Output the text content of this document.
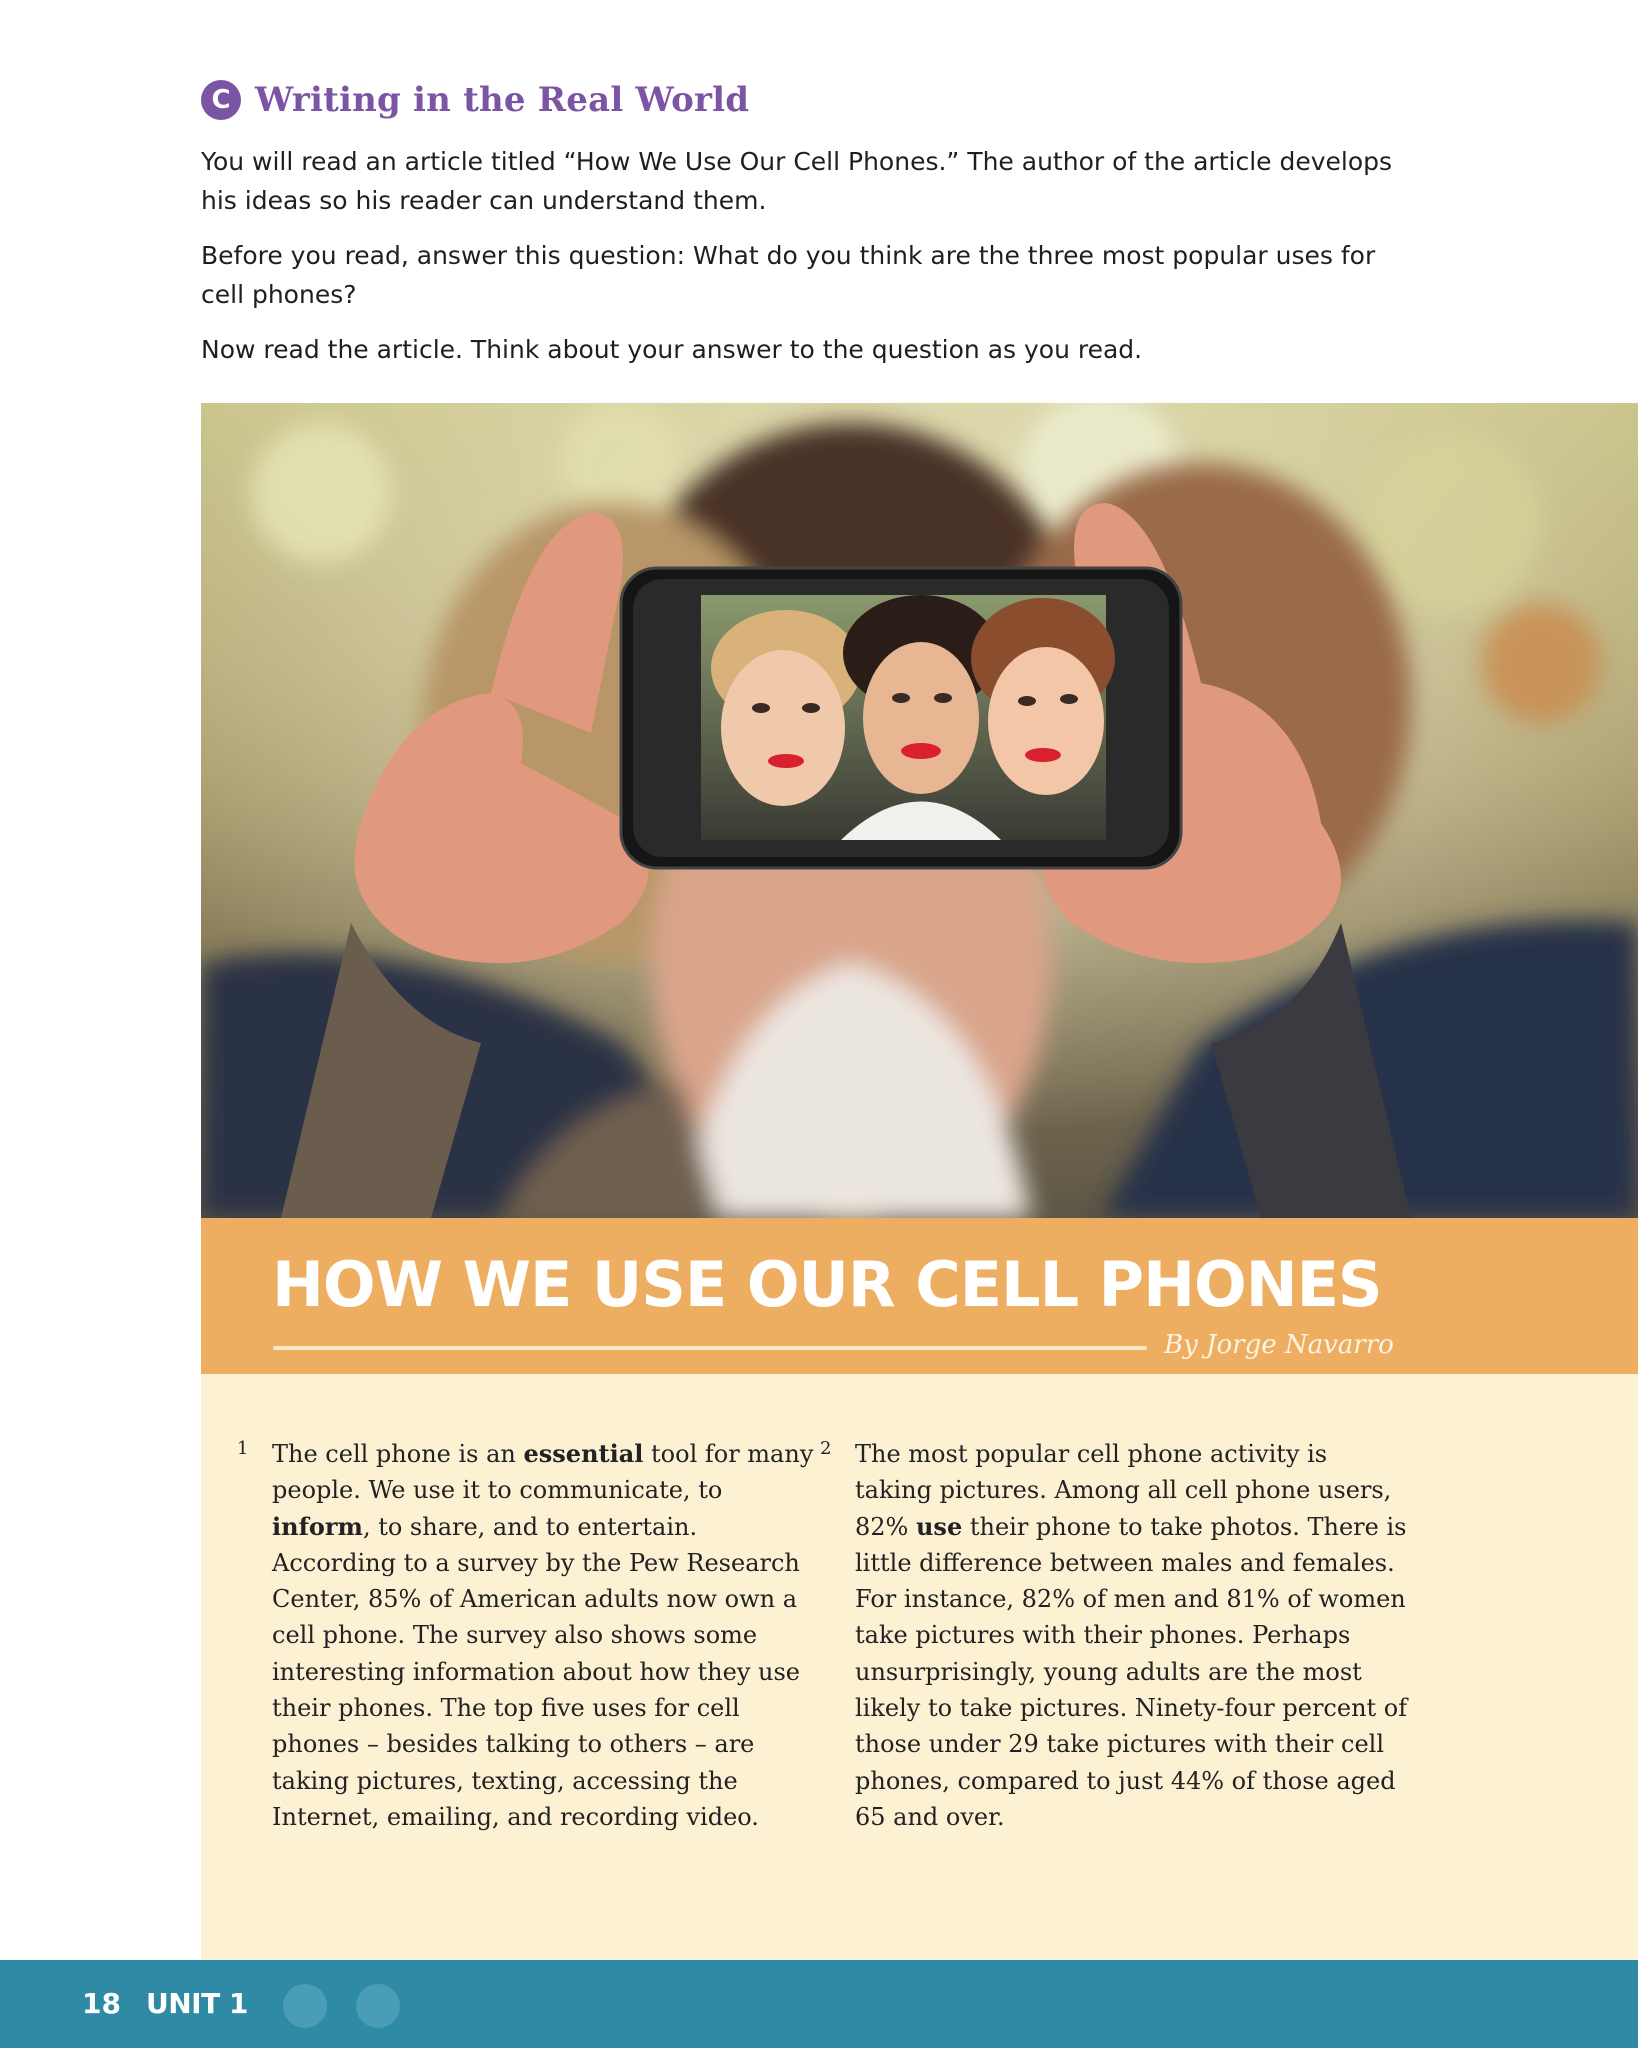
C Writing in the Real World

You will read an article titled “How We Use Our Cell Phones.” The author of the article develops his ideas so his reader can understand them.

Before you read, answer this question: What do you think are the three most popular uses for cell phones?

Now read the article. Think about your answer to the question as you read.

HOW WE USE OUR CELL PHONES
By Jorge Navarro
1 The cell phone is an essential tool for many people. We use it to communicate, to inform, to share, and to entertain. According to a survey by the Pew Research Center, 85% of American adults now own a cell phone. The survey also shows some interesting information about how they use their phones. The top five uses for cell phones – besides talking to others – are taking pictures, texting, accessing the Internet, emailing, and recording video.
2 The most popular cell phone activity is taking pictures. Among all cell phone users, 82% use their phone to take photos. There is little difference between males and females. For instance, 82% of men and 81% of women take pictures with their phones. Perhaps unsurprisingly, young adults are the most likely to take pictures. Ninety-four percent of those under 29 take pictures with their cell phones, compared to just 44% of those aged 65 and over.
18 UNIT 1
